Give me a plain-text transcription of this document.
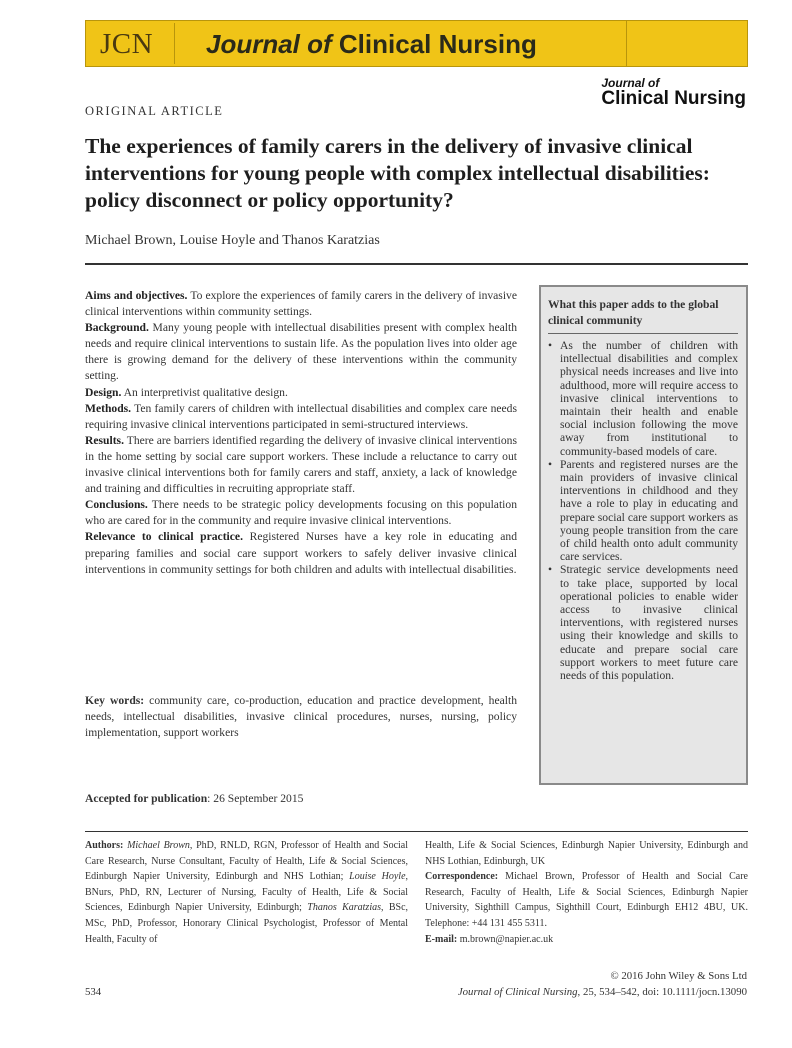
JCN Journal of Clinical Nursing
Journal of
Clinical Nursing
ORIGINAL ARTICLE
The experiences of family carers in the delivery of invasive clinical
interventions for young people with complex intellectual disabilities:
policy disconnect or policy opportunity?
Michael Brown, Louise Hoyle and Thanos Karatzias

Aims and objectives. To explore the experiences of family carers in the delivery of invasive clinical interventions within community settings.

Background. Many young people with intellectual disabilities present with complex health needs and require clinical interventions to sustain life. As the population lives into older age there is growing demand for the delivery of these interventions within the community setting.

Design. An interpretivist qualitative design.

Methods. Ten family carers of children with intellectual disabilities and complex care needs requiring invasive clinical interventions participated in semi-structured interviews.

Results. There are barriers identified regarding the delivery of invasive clinical interventions in the home setting by social care support workers. These include a reluctance to carry out invasive clinical interventions both for family carers and staff, anxiety, a lack of knowledge and training and difficulties in recruiting appropriate staff.

Conclusions. There needs to be strategic policy developments focusing on this population who are cared for in the community and require invasive clinical interventions.

Relevance to clinical practice. Registered Nurses have a key role in educating and preparing families and social care support workers to safely deliver invasive clinical interventions in community settings for both children and adults with intellectual disabilities.

Key words: community care, co-production, education and practice development, health needs, intellectual disabilities, invasive clinical procedures, nurses, nursing, policy implementation, support workers
Accepted for publication: 26 September 2015
What this paper adds to the global clinical community
• As the number of children with intellectual disabilities and complex physical needs increases and live into adulthood, more will require access to invasive clinical interventions to maintain their health and enable social inclusion following the move away from institutional to community-based models of care.
• Parents and registered nurses are the main providers of invasive clinical interventions in childhood and they have a role to play in educating and prepare social care support workers as young people transition from the care of child health onto adult community care services.
• Strategic service developments need to take place, supported by local operational policies to enable wider access to invasive clinical interventions, with registered nurses using their knowledge and skills to educate and prepare social care support workers to meet future care needs of this population.
Authors: Michael Brown, PhD, RNLD, RGN, Professor of Health and Social Care Research, Nurse Consultant, Faculty of Health, Life & Social Sciences, Edinburgh Napier University, Edinburgh and NHS Lothian; Louise Hoyle, BNurs, PhD, RN, Lecturer of Nursing, Faculty of Health, Life & Social Sciences, Edinburgh Napier University, Edinburgh; Thanos Karatzias, BSc, MSc, PhD, Professor, Honorary Clinical Psychologist, Professor of Mental Health, Faculty of
Health, Life & Social Sciences, Edinburgh Napier University, Edinburgh and NHS Lothian, Edinburgh, UK
Correspondence: Michael Brown, Professor of Health and Social Care Research, Faculty of Health, Life & Social Sciences, Edinburgh Napier University, Sighthill Campus, Sighthill Court, Edinburgh EH12 4BU, UK. Telephone: +44 131 455 5311.
E-mail: m.brown@napier.ac.uk
© 2016 John Wiley & Sons Ltd
534	Journal of Clinical Nursing, 25, 534–542, doi: 10.1111/jocn.13090
